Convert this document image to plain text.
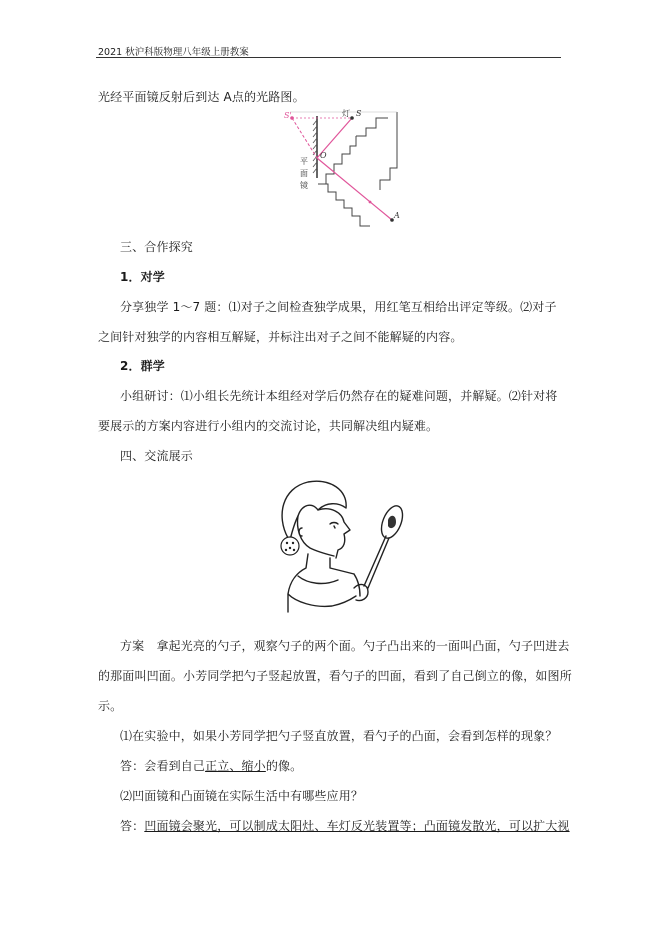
2021 秋沪科版物理八年级上册教案
光经平面镜反射后到达 A点的光路图。
S'	灯 S
O
A
平
面
镜
三、合作探究
1．对学
分享独学 1～7 题：⑴对子之间检查独学成果，用红笔互相给出评定等级。⑵对子
之间针对独学的内容相互解疑，并标注出对子之间不能解疑的内容。
2．群学
小组研讨：⑴小组长先统计本组经对学后仍然存在的疑难问题，并解疑。⑵针对将
要展示的方案内容进行小组内的交流讨论，共同解决组内疑难。
四、交流展示
方案　拿起光亮的勺子，观察勺子的两个面。勺子凸出来的一面叫凸面，勺子凹进去
的那面叫凹面。小芳同学把勺子竖起放置，看勺子的凹面，看到了自己倒立的像，如图所
示。
⑴在实验中，如果小芳同学把勺子竖直放置，看勺子的凸面，会看到怎样的现象？
答：会看到自己正立、缩小的像。
⑵凹面镜和凸面镜在实际生活中有哪些应用？
答：凹面镜会聚光，可以制成太阳灶、车灯反光装置等；凸面镜发散光，可以扩大视
